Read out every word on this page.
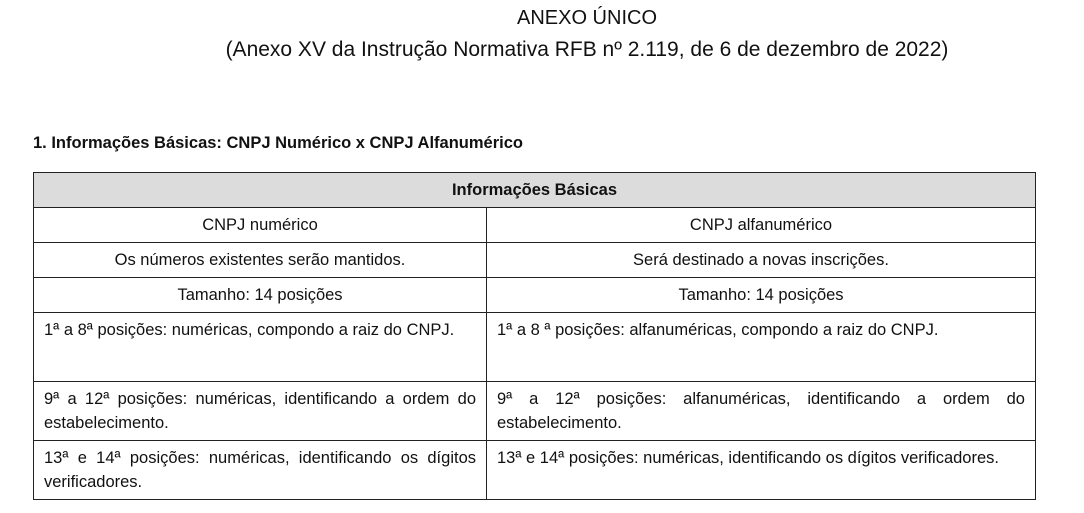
ANEXO ÚNICO
(Anexo XV da Instrução Normativa RFB nº 2.119, de 6 de dezembro de 2022)
1. Informações Básicas: CNPJ Numérico x CNPJ Alfanumérico
Informações Básicas	
CNPJ numérico	CNPJ alfanumérico
Os números existentes serão mantidos.	Será destinado a novas inscrições.
Tamanho: 14 posições	Tamanho: 14 posições
1ª a 8ª posições: numéricas, compondo a raiz do CNPJ.	1ª a 8 ª posições: alfanuméricas, compondo a raiz do CNPJ.
9ª a 12ª posições: numéricas, identificando a ordem do estabelecimento.	9ª a 12ª posições: alfanuméricas, identificando a ordem do estabelecimento.
13ª e 14ª posições: numéricas, identificando os dígitos verificadores.	13ª e 14ª posições: numéricas, identificando os dígitos verificadores.
